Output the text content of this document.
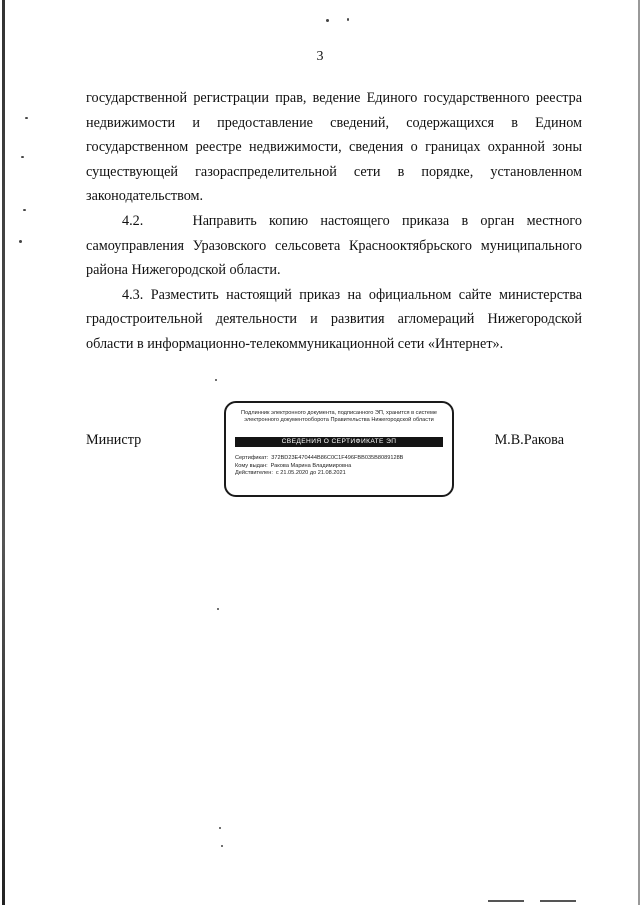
3

государственной регистрации прав, ведение Единого государственного реестра недвижимости и предоставление сведений, содержащихся в Едином государственном реестре недвижимости, сведения о границах охранной зоны существующей газораспределительной сети в порядке, установленном законодательством.

4.2.    Направить копию настоящего приказа в орган местного самоуправления Уразовского сельсовета Краснооктябрьского муниципального района Нижегородской области.

4.3. Разместить настоящий приказ на официальном сайте министерства градостроительной деятельности и развития агломераций Нижегородской области в информационно-телекоммуникационной сети «Интернет».

Министр	М.В.Ракова
Подлинник электронного документа, подписанного ЭП, хранится в системе электронного документооборота Правительства Нижегородской области
СВЕДЕНИЯ О СЕРТИФИКАТЕ ЭП
Сертификат: 372BD23E470444B86C0C1F496FBB035B8089128B
Кому выдан: Ракова Марина Владимировна
Действителен: с 21.05.2020 до 21.08.2021
